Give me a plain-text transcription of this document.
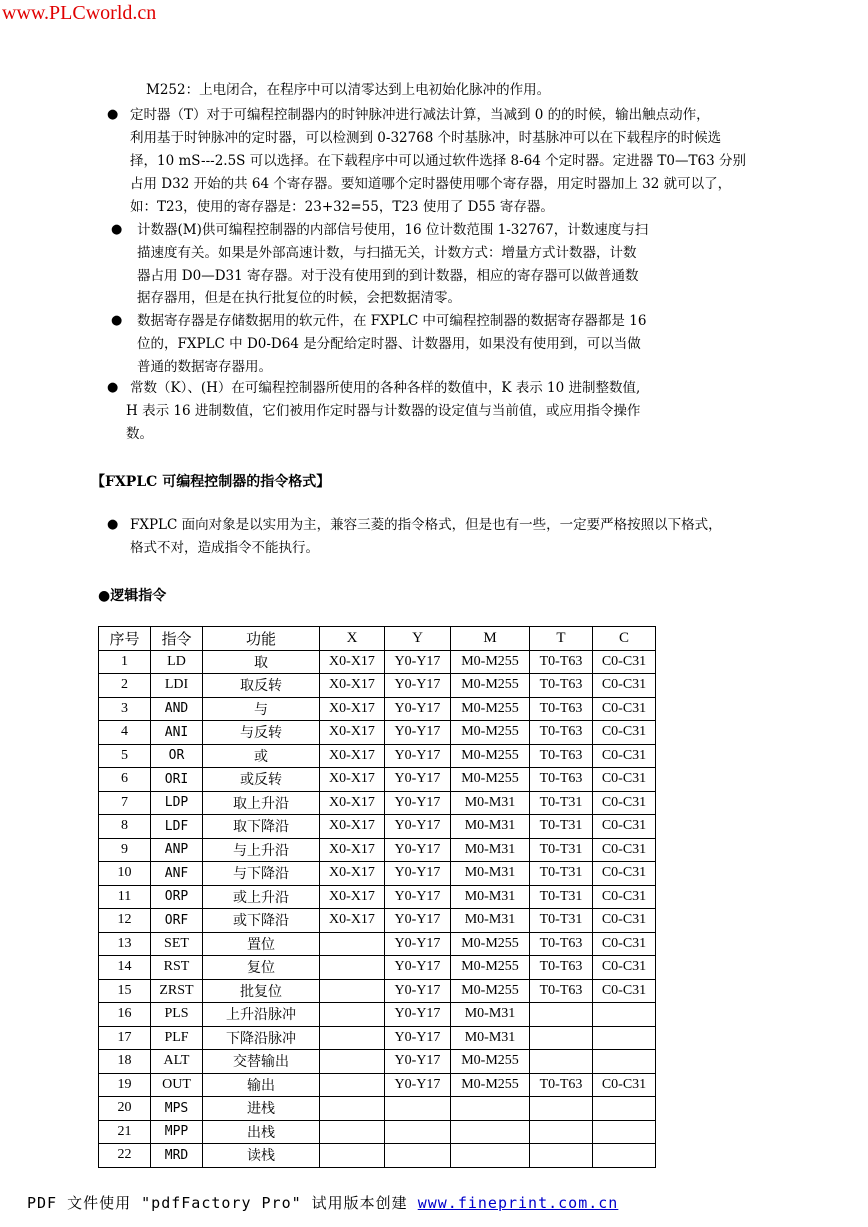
www.PLCworld.cn
M252：上电闭合，在程序中可以清零达到上电初始化脉冲的作用。
● 定时器（T）对于可编程控制器内的时钟脉冲进行减法计算，当减到 0 的的时候，输出触点动作，
利用基于时钟脉冲的定时器，可以检测到 0-32768 个时基脉冲，时基脉冲可以在下载程序的时候选
择，10 mS---2.5S 可以选择。在下载程序中可以通过软件选择 8-64 个定时器。定进器 T0—T63 分别
占用 D32 开始的共 64 个寄存器。要知道哪个定时器使用哪个寄存器，用定时器加上 32 就可以了，
如：T23，使用的寄存器是：23+32=55，T23 使用了 D55 寄存器。
● 计数器(M)供可编程控制器的内部信号使用，16 位计数范围 1-32767，计数速度与扫
描速度有关。如果是外部高速计数，与扫描无关，计数方式：增量方式计数器，计数
器占用 D0—D31 寄存器。对于没有使用到的到计数器，相应的寄存器可以做普通数
据存器用，但是在执行批复位的时候，会把数据清零。
● 数据寄存器是存储数据用的软元件，在 FXPLC 中可编程控制器的数据寄存器都是 16
位的，FXPLC 中 D0-D64 是分配给定时器、计数器用，如果没有使用到，可以当做
普通的数据寄存器用。
● 常数（K）、(H）在可编程控制器所使用的各种各样的数值中，K 表示 10 进制整数值,
H 表示 16 进制数值，它们被用作定时器与计数器的设定值与当前值，或应用指令操作
数。
【FXPLC 可编程控制器的指令格式】
● FXPLC 面向对象是以实用为主，兼容三菱的指令格式，但是也有一些，一定要严格按照以下格式，
格式不对，造成指令不能执行。
●逻辑指令
序号	指令	功能	X	Y	M	T	C
1	LD	取	X0-X17	Y0-Y17	M0-M255	T0-T63	C0-C31
2	LDI	取反转	X0-X17	Y0-Y17	M0-M255	T0-T63	C0-C31
3	AND	与	X0-X17	Y0-Y17	M0-M255	T0-T63	C0-C31
4	ANI	与反转	X0-X17	Y0-Y17	M0-M255	T0-T63	C0-C31
5	OR	或	X0-X17	Y0-Y17	M0-M255	T0-T63	C0-C31
6	ORI	或反转	X0-X17	Y0-Y17	M0-M255	T0-T63	C0-C31
7	LDP	取上升沿	X0-X17	Y0-Y17	M0-M31	T0-T31	C0-C31
8	LDF	取下降沿	X0-X17	Y0-Y17	M0-M31	T0-T31	C0-C31
9	ANP	与上升沿	X0-X17	Y0-Y17	M0-M31	T0-T31	C0-C31
10	ANF	与下降沿	X0-X17	Y0-Y17	M0-M31	T0-T31	C0-C31
11	ORP	或上升沿	X0-X17	Y0-Y17	M0-M31	T0-T31	C0-C31
12	ORF	或下降沿	X0-X17	Y0-Y17	M0-M31	T0-T31	C0-C31
13	SET	置位		Y0-Y17	M0-M255	T0-T63	C0-C31
14	RST	复位		Y0-Y17	M0-M255	T0-T63	C0-C31
15	ZRST	批复位		Y0-Y17	M0-M255	T0-T63	C0-C31
16	PLS	上升沿脉冲		Y0-Y17	M0-M31		
17	PLF	下降沿脉冲		Y0-Y17	M0-M31		
18	ALT	交替输出		Y0-Y17	M0-M255		
19	OUT	输出		Y0-Y17	M0-M255	T0-T63	C0-C31
20	MPS	进栈					
21	MPP	出栈					
22	MRD	读栈					
PDF 文件使用 "pdfFactory Pro" 试用版本创建 www.fineprint.com.cn
